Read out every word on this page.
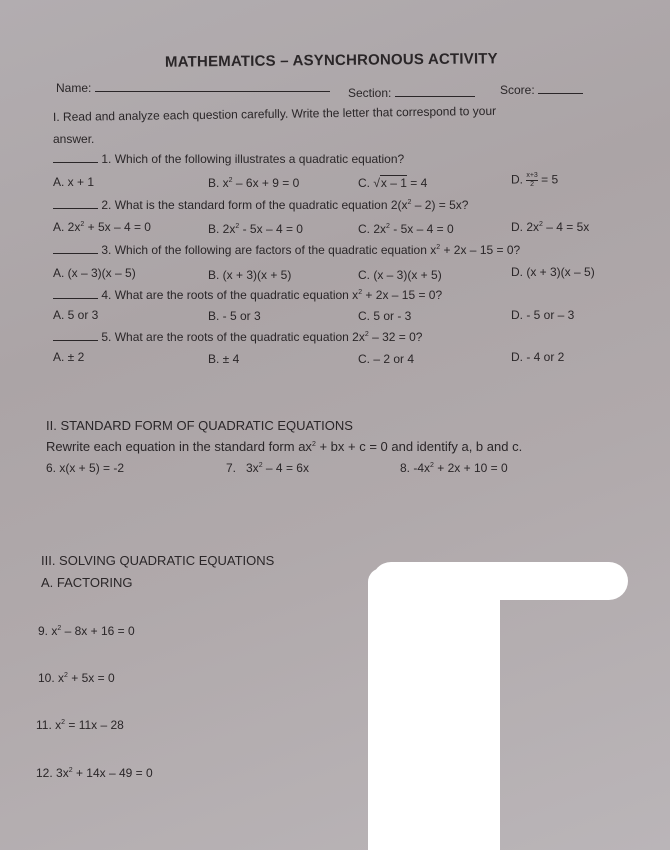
MATHEMATICS – ASYNCHRONOUS ACTIVITY
Name:	Section:	Score:
I. Read and analyze each question carefully. Write the letter that correspond to your
answer.
1. Which of the following illustrates a quadratic equation?
A. x + 1	B. $x^2 - 6x + 9 = 0$	C. √x – 1 = 4	D. $\frac{x+3}{2} = 5$
2. What is the standard form of the quadratic equation $2(x^2 - 2) = 5x$?
A. $2x^2 + 5x - 4 = 0$	B. $2x^2 - 5x - 4 = 0$	C. $2x^2 - 5x - 4 = 0$	D. $2x^2 - 4 = 5x$
3. Which of the following are factors of the quadratic equation $x^2 + 2x - 15 = 0$?
A. (x – 3)(x – 5)	B. (x + 3)(x + 5)	C. (x – 3)(x + 5)	D. (x + 3)(x – 5)
4. What are the roots of the quadratic equation $x^2 + 2x - 15 = 0$?
A. 5 or 3	B. - 5 or 3	C. 5 or - 3	D. - 5 or – 3
5. What are the roots of the quadratic equation $2x^2 - 32 = 0$?
A. ± 2	B. ± 4	C. – 2 or 4	D. - 4 or 2
II. STANDARD FORM OF QUADRATIC EQUATIONS
Rewrite each equation in the standard form $ax^2$ + bx + c = 0 and identify a, b and c.
6. x(x + 5) = -2	7.   $3x^2 - 4 = 6x$	8. $-4x^2 + 2x + 10 = 0$
III. SOLVING QUADRATIC EQUATIONS
A. FACTORING
9. $x^2 - 8x + 16 = 0$
10. $x^2 + 5x = 0$
11. $x^2 = 11x - 28$
12. $3x^2 + 14x - 49 = 0$
